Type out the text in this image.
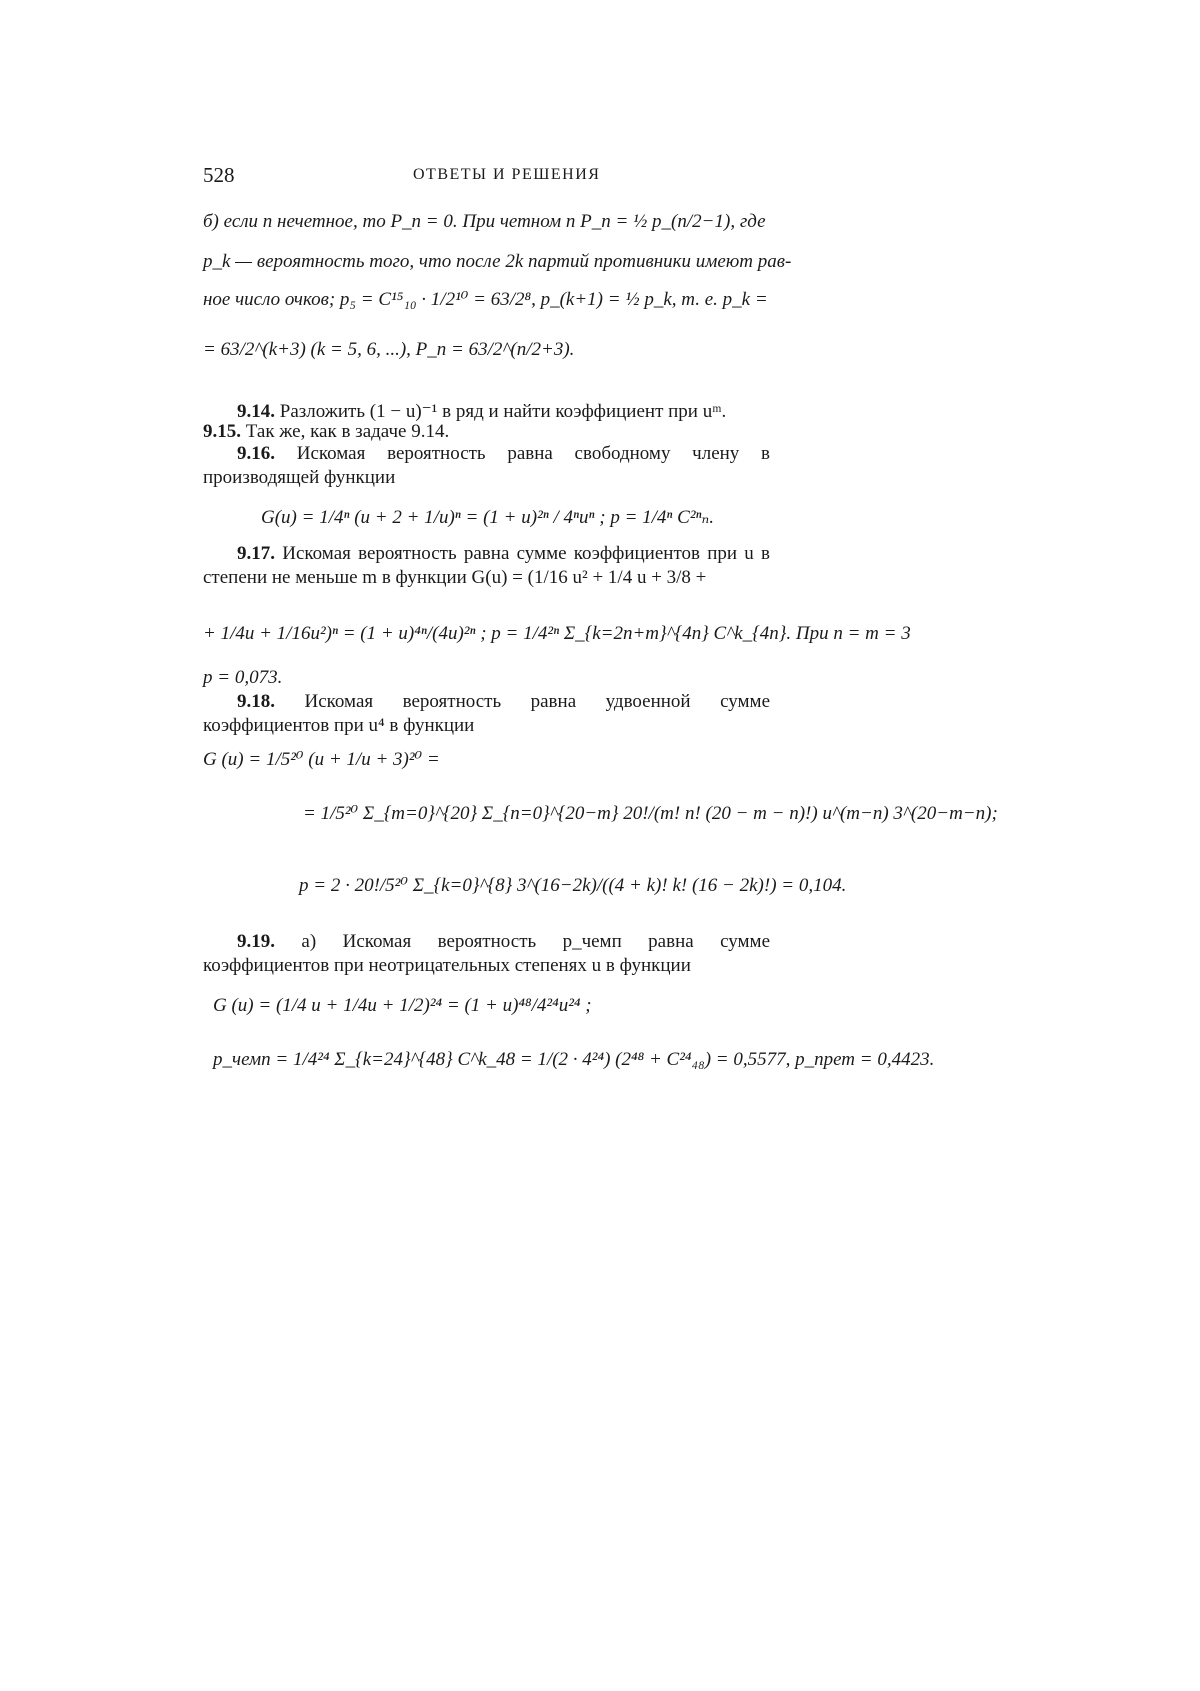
528	ОТВЕТЫ И РЕШЕНИЯ
б) если n нечетное, то P_n = 0. При четном n P_n = ½ p_(n/2−1), где
p_k — вероятность того, что после 2k партий противники имеют рав-
ное число очков; p₅ = C¹⁵₁₀ · 1/2¹⁰ = 63/2⁸, p_(k+1) = ½ p_k, т. е. p_k =
= 63/2^(k+3) (k = 5, 6, ...), P_n = 63/2^(n/2+3).

9.14. Разложить (1 − u)⁻¹ в ряд и найти коэффициент при uᵐ.

9.15. Так же, как в задаче 9.14.

9.16. Искомая вероятность равна свободному члену в производящей функции

G(u) = 1/4ⁿ (u + 2 + 1/u)ⁿ = (1 + u)²ⁿ / 4ⁿuⁿ ; p = 1/4ⁿ C²ⁿₙ.

9.17. Искомая вероятность равна сумме коэффициентов при u в степени не меньше m в функции G(u) = (1/16 u² + 1/4 u + 3/8 +

+ 1/4u + 1/16u²)ⁿ = (1 + u)⁴ⁿ/(4u)²ⁿ ; p = 1/4²ⁿ Σ_{k=2n+m}^{4n} C^k_{4n}. При n = m = 3
p = 0,073.

9.18. Искомая вероятность равна удвоенной сумме коэффициентов при u⁴ в функции

G (u) = 1/5²⁰ (u + 1/u + 3)²⁰ =
= 1/5²⁰ Σ_{m=0}^{20} Σ_{n=0}^{20−m} 20!/(m! n! (20 − m − n)!) u^(m−n) 3^(20−m−n);
p = 2 · 20!/5²⁰ Σ_{k=0}^{8} 3^(16−2k)/((4 + k)! k! (16 − 2k)!) = 0,104.

9.19. а) Искомая вероятность p_чемп равна сумме коэффициентов при неотрицательных степенях u в функции

G (u) = (1/4 u + 1/4u + 1/2)²⁴ = (1 + u)⁴⁸/4²⁴u²⁴ ;
p_чемп = 1/4²⁴ Σ_{k=24}^{48} C^k_48 = 1/(2 · 4²⁴) (2⁴⁸ + C²⁴₄₈) = 0,5577, p_прет = 0,4423.
